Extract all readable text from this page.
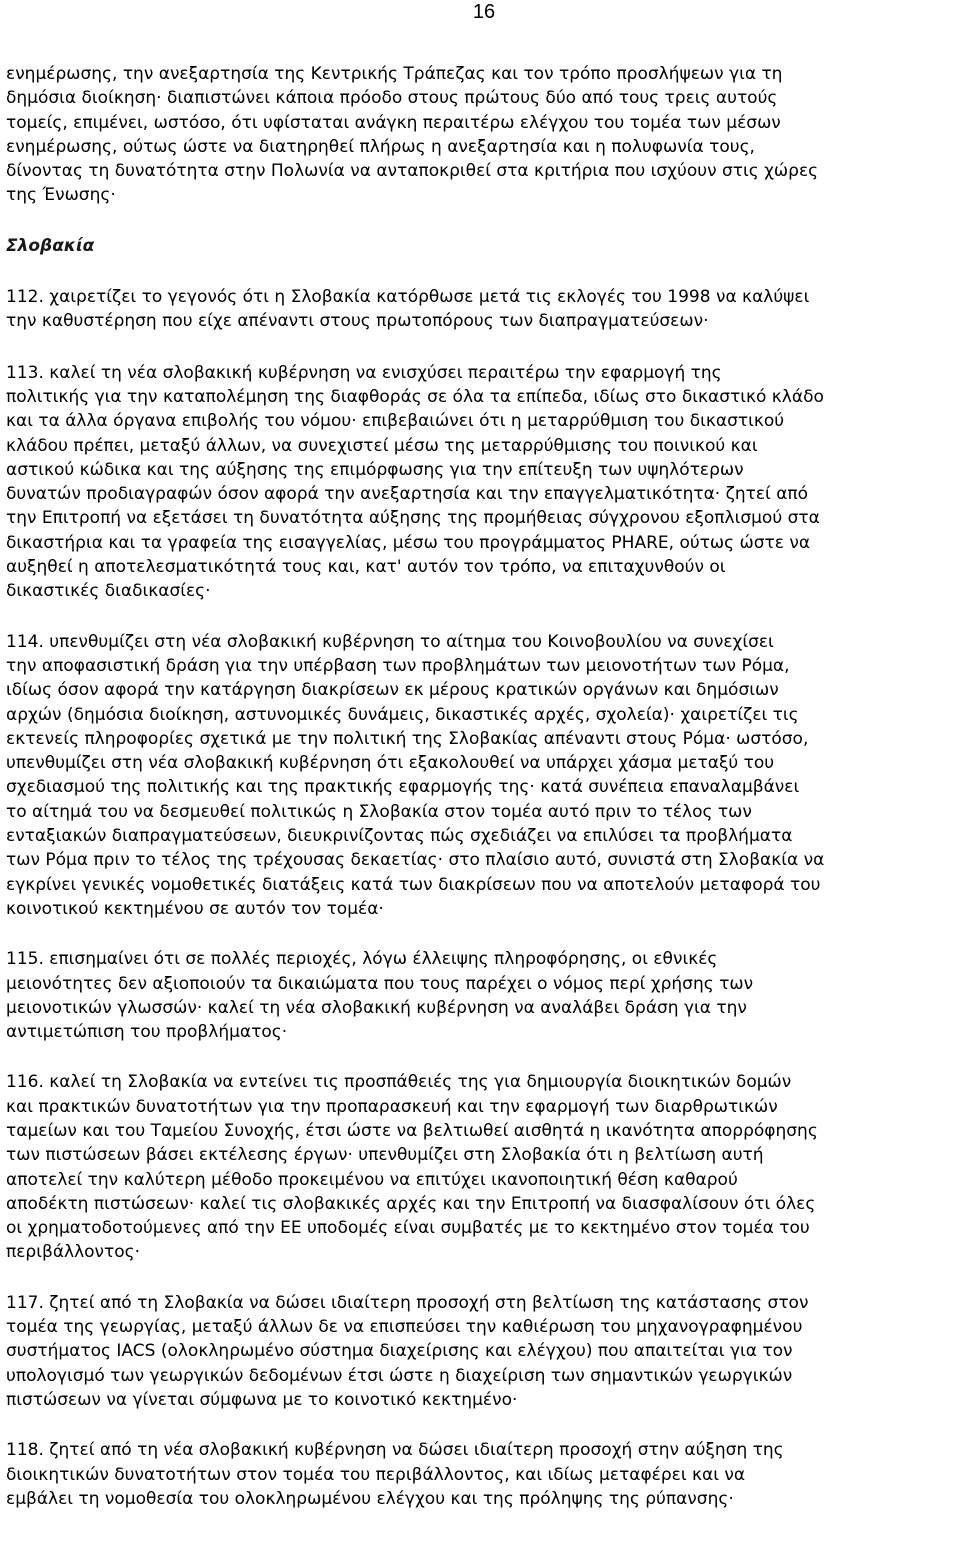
16

ενημέρωσης, την ανεξαρτησία της Κεντρικής Τράπεζας και τον τρόπο προσλήψεων για τη
δημόσια διοίκηση· διαπιστώνει κάποια πρόοδο στους πρώτους δύο από τους τρεις αυτούς
τομείς, επιμένει, ωστόσο, ότι υφίσταται ανάγκη περαιτέρω ελέγχου του τομέα των μέσων
ενημέρωσης, ούτως ώστε να διατηρηθεί πλήρως η ανεξαρτησία και η πολυφωνία τους,
δίνοντας τη δυνατότητα στην Πολωνία να ανταποκριθεί στα κριτήρια που ισχύουν στις χώρες
της Ένωσης·

Σλοβακία

112. χαιρετίζει το γεγονός ότι η Σλοβακία κατόρθωσε μετά τις εκλογές του 1998 να καλύψει
την καθυστέρηση που είχε απέναντι στους πρωτοπόρους των διαπραγματεύσεων·

113. καλεί τη νέα σλοβακική κυβέρνηση να ενισχύσει περαιτέρω την εφαρμογή της
πολιτικής για την καταπολέμηση της διαφθοράς σε όλα τα επίπεδα, ιδίως στο δικαστικό κλάδο
και τα άλλα όργανα επιβολής του νόμου· επιβεβαιώνει ότι η μεταρρύθμιση του δικαστικού
κλάδου πρέπει, μεταξύ άλλων, να συνεχιστεί μέσω της μεταρρύθμισης του ποινικού και
αστικού κώδικα και της αύξησης της επιμόρφωσης για την επίτευξη των υψηλότερων
δυνατών προδιαγραφών όσον αφορά την ανεξαρτησία και την επαγγελματικότητα· ζητεί από
την Επιτροπή να εξετάσει τη δυνατότητα αύξησης της προμήθειας σύγχρονου εξοπλισμού στα
δικαστήρια και τα γραφεία της εισαγγελίας, μέσω του προγράμματος PHARE, ούτως ώστε να
αυξηθεί η αποτελεσματικότητά τους και, κατ' αυτόν τον τρόπο, να επιταχυνθούν οι
δικαστικές διαδικασίες·

114. υπενθυμίζει στη νέα σλοβακική κυβέρνηση το αίτημα του Κοινοβουλίου να συνεχίσει
την αποφασιστική δράση για την υπέρβαση των προβλημάτων των μειονοτήτων των Ρόμα,
ιδίως όσον αφορά την κατάργηση διακρίσεων εκ μέρους κρατικών οργάνων και δημόσιων
αρχών (δημόσια διοίκηση, αστυνομικές δυνάμεις, δικαστικές αρχές, σχολεία)· χαιρετίζει τις
εκτενείς πληροφορίες σχετικά με την πολιτική της Σλοβακίας απέναντι στους Ρόμα· ωστόσο,
υπενθυμίζει στη νέα σλοβακική κυβέρνηση ότι εξακολουθεί να υπάρχει χάσμα μεταξύ του
σχεδιασμού της πολιτικής και της πρακτικής εφαρμογής της· κατά συνέπεια επαναλαμβάνει
το αίτημά του να δεσμευθεί πολιτικώς η Σλοβακία στον τομέα αυτό πριν το τέλος των
ενταξιακών διαπραγματεύσεων, διευκρινίζοντας πώς σχεδιάζει να επιλύσει τα προβλήματα
των Ρόμα πριν το τέλος της τρέχουσας δεκαετίας· στο πλαίσιο αυτό, συνιστά στη Σλοβακία να
εγκρίνει γενικές νομοθετικές διατάξεις κατά των διακρίσεων που να αποτελούν μεταφορά του
κοινοτικού κεκτημένου σε αυτόν τον τομέα·

115. επισημαίνει ότι σε πολλές περιοχές, λόγω έλλειψης πληροφόρησης, οι εθνικές
μειονότητες δεν αξιοποιούν τα δικαιώματα που τους παρέχει ο νόμος περί χρήσης των
μειονοτικών γλωσσών· καλεί τη νέα σλοβακική κυβέρνηση να αναλάβει δράση για την
αντιμετώπιση του προβλήματος·

116. καλεί τη Σλοβακία να εντείνει τις προσπάθειές της για δημιουργία διοικητικών δομών
και πρακτικών δυνατοτήτων για την προπαρασκευή και την εφαρμογή των διαρθρωτικών
ταμείων και του Ταμείου Συνοχής, έτσι ώστε να βελτιωθεί αισθητά η ικανότητα απορρόφησης
των πιστώσεων βάσει εκτέλεσης έργων· υπενθυμίζει στη Σλοβακία ότι η βελτίωση αυτή
αποτελεί την καλύτερη μέθοδο προκειμένου να επιτύχει ικανοποιητική θέση καθαρού
αποδέκτη πιστώσεων· καλεί τις σλοβακικές αρχές και την Επιτροπή να διασφαλίσουν ότι όλες
οι χρηματοδοτούμενες από την ΕΕ υποδομές είναι συμβατές με το κεκτημένο στον τομέα του
περιβάλλοντος·

117. ζητεί από τη Σλοβακία να δώσει ιδιαίτερη προσοχή στη βελτίωση της κατάστασης στον
τομέα της γεωργίας, μεταξύ άλλων δε να επισπεύσει την καθιέρωση του μηχανογραφημένου
συστήματος IACS (ολοκληρωμένο σύστημα διαχείρισης και ελέγχου) που απαιτείται για τον
υπολογισμό των γεωργικών δεδομένων έτσι ώστε η διαχείριση των σημαντικών γεωργικών
πιστώσεων να γίνεται σύμφωνα με το κοινοτικό κεκτημένο·

118. ζητεί από τη νέα σλοβακική κυβέρνηση να δώσει ιδιαίτερη προσοχή στην αύξηση της
διοικητικών δυνατοτήτων στον τομέα του περιβάλλοντος, και ιδίως μεταφέρει και να
εμβάλει τη νομοθεσία του ολοκληρωμένου ελέγχου και της πρόληψης της ρύπανσης·
